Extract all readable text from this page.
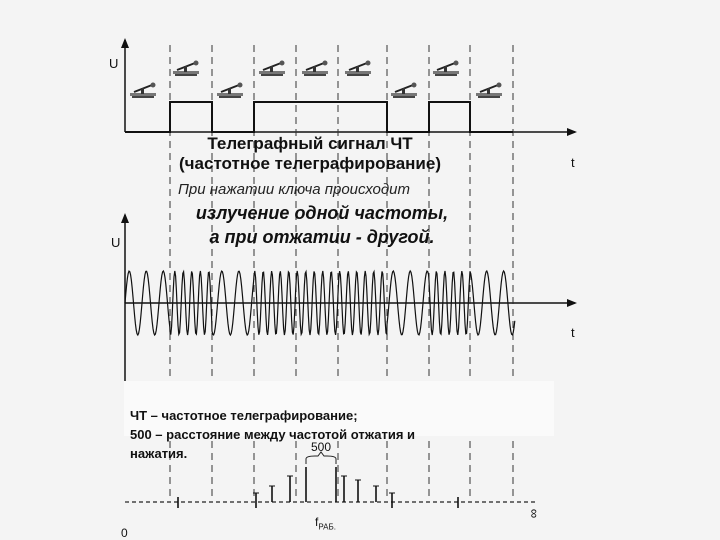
U
t
U
t
Телеграфный сигнал ЧТ
(частотное телеграфирование)
При нажатии ключа происходит
излучение одной частоты,
а при отжатии - другой.
ЧТ – частотное телеграфирование;
500 – расстояние между частотой отжатия и
нажатия.	500
0
$f_{РАБ.}$
∞
